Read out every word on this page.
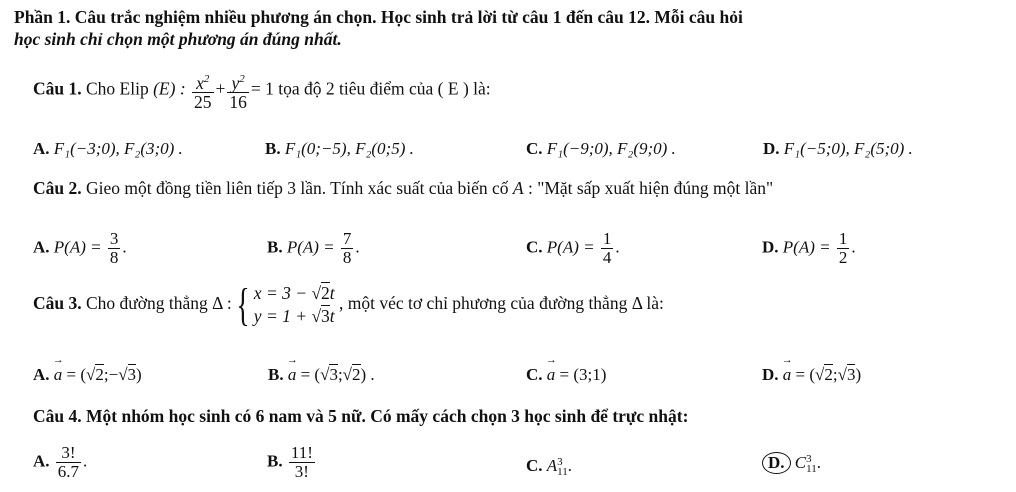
Phần 1. Câu trắc nghiệm nhiều phương án chọn. Học sinh trả lời từ câu 1 đến câu 12. Mỗi câu hỏi
học sinh chỉ chọn một phương án đúng nhất.
Câu 1. Cho Elip (E) : $\frac{x^2}{25} + \frac{y^2}{16} = 1$ tọa độ 2 tiêu điểm của ( E ) là:
A. F₁(−3;0), F₂(3;0) .	B. F₁(0;−5), F₂(0;5) .	C. F₁(−9;0), F₂(9;0) .	D. F₁(−5;0), F₂(5;0) .
Câu 2. Gieo một đồng tiền liên tiếp 3 lần. Tính xác suất của biến cố A : "Mặt sấp xuất hiện đúng một lần"
A. $P(A) = \frac{3}{8}$ .	B. $P(A) = \frac{7}{8}$ .	C. $P(A) = \frac{1}{4}$ .	D. $P(A) = \frac{1}{2}$ .
Câu 3. Cho đường thẳng Δ :{ x = 3 − √2t
y = 1 + √3t
, một véc tơ chỉ phương của đường thẳng Δ là:
A. → a = (√2;−√3)	B. → a = (√3;√2) .	C. → a = (3;1)	D. → a = (√2;√3)
Câu 4. Một nhóm học sinh có 6 nam và 5 nữ. Có mấy cách chọn 3 học sinh để trực nhật:
A. $\frac{3!}{6.7}$ .	B. $\frac{11!}{3!}$	C. A 3
11 .	D. C 3
11 .
